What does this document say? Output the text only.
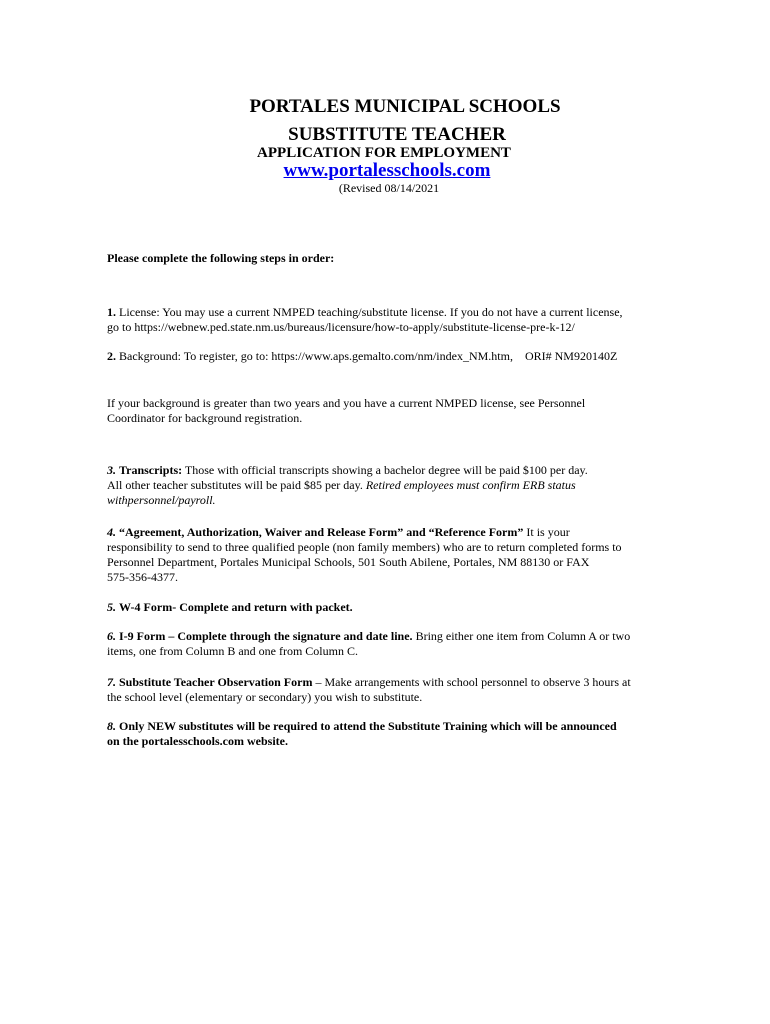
PORTALES MUNICIPAL SCHOOLS
SUBSTITUTE TEACHER
APPLICATION FOR EMPLOYMENT
www.portalesschools.com
(Revised 08/14/2021
Please complete the following steps in order:
1. License: You may use a current NMPED teaching/substitute license. If you do not have a current license,
go to https://webnew.ped.state.nm.us/bureaus/licensure/how-to-apply/substitute-license-pre-k-12/
2. Background: To register, go to: https://www.aps.gemalto.com/nm/index_NM.htm, ORI# NM920140Z
If your background is greater than two years and you have a current NMPED license, see Personnel
Coordinator for background registration.
3. Transcripts: Those with official transcripts showing a bachelor degree will be paid $100 per day.
All other teacher substitutes will be paid $85 per day. Retired employees must confirm ERB status
withpersonnel/payroll.
4. “Agreement, Authorization, Waiver and Release Form” and “Reference Form” It is your
responsibility to send to three qualified people (non family members) who are to return completed forms to
Personnel Department, Portales Municipal Schools, 501 South Abilene, Portales, NM 88130 or FAX
575-356-4377.
5. W-4 Form- Complete and return with packet.
6. I-9 Form – Complete through the signature and date line. Bring either one item from Column A or two
items, one from Column B and one from Column C.
7. Substitute Teacher Observation Form – Make arrangements with school personnel to observe 3 hours at
the school level (elementary or secondary) you wish to substitute.
8. Only NEW substitutes will be required to attend the Substitute Training which will be announced
on the portalesschools.com website.
